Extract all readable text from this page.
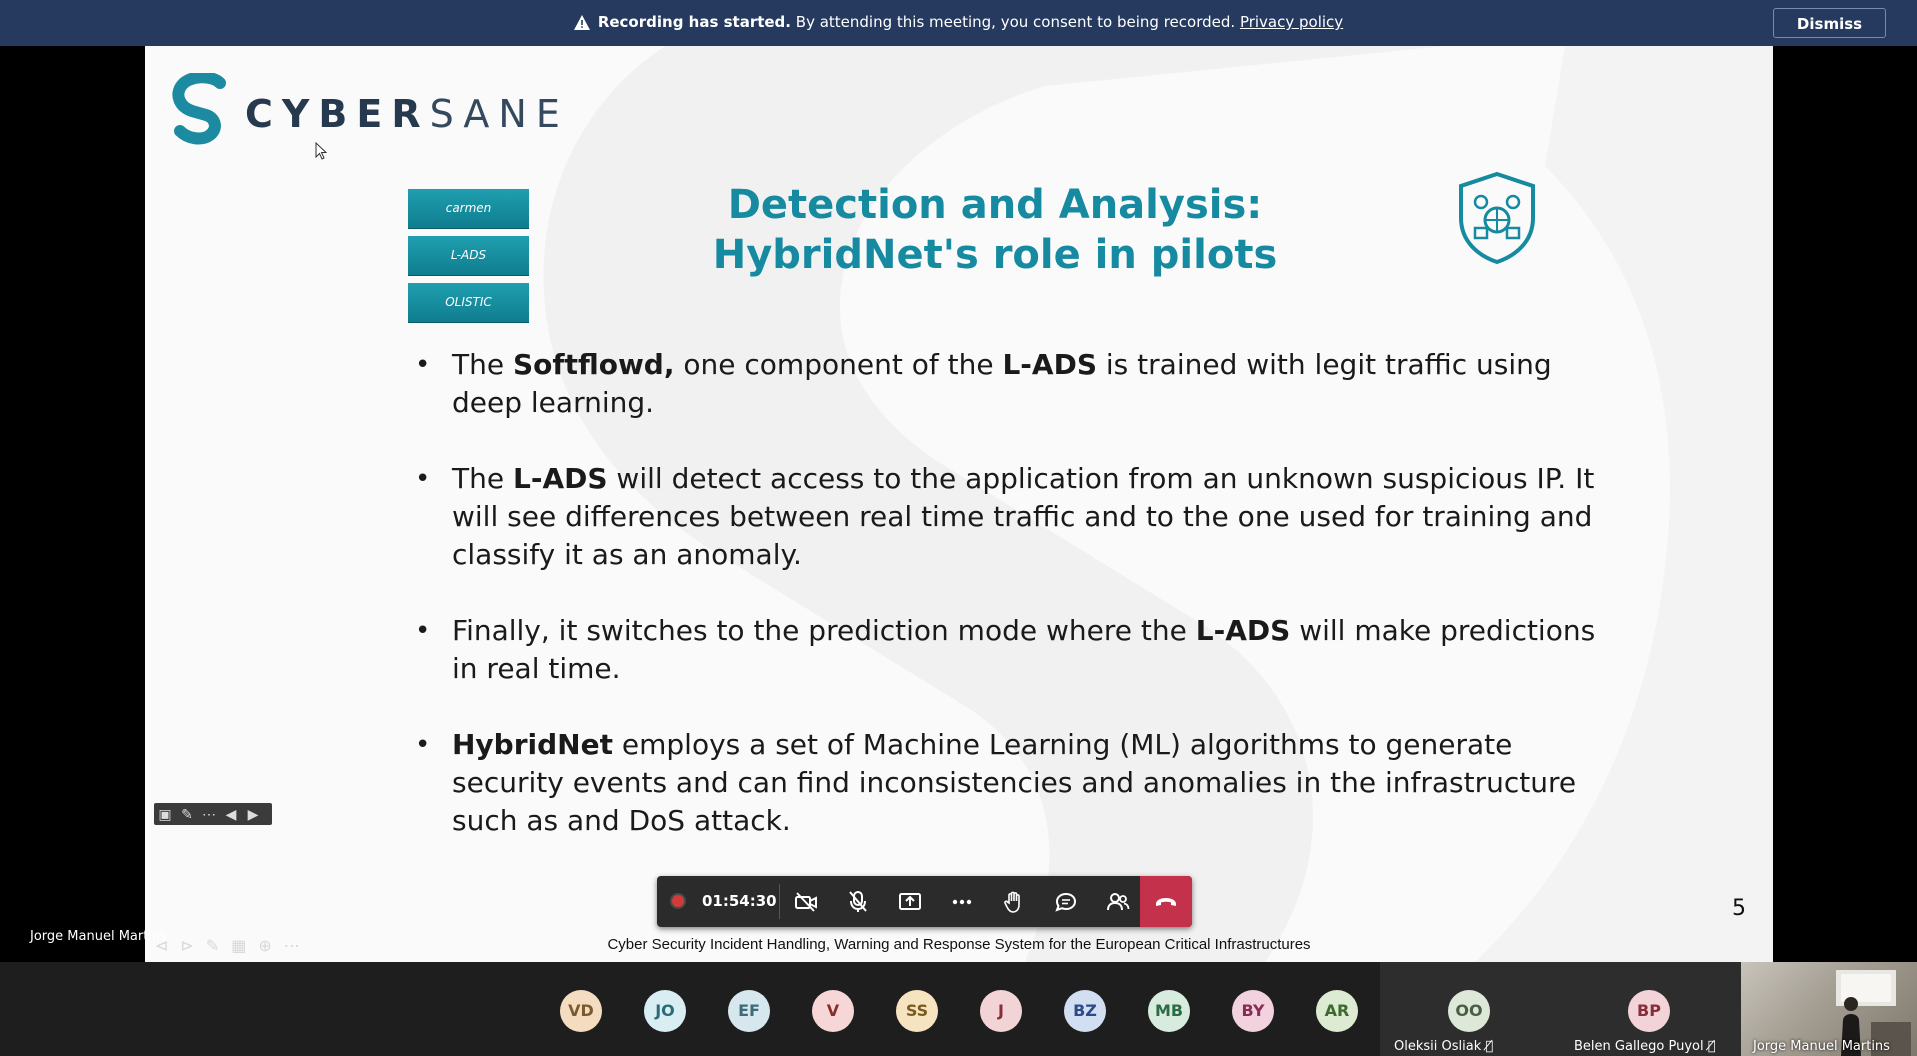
Recording has started. By attending this meeting, you consent to being recorded. Privacy policy	Dismiss
CYBERSANE
carmen
L-ADS
OLISTIC
Detection and Analysis:
HybridNet's role in pilots
• The Softflowd, one component of the L-ADS is trained with legit traffic using deep learning.
• The L-ADS will detect access to the application from an unknown suspicious IP. It will see differences between real time traffic and to the one used for training and classify it as an anomaly.
• Finally, it switches to the prediction mode where the L-ADS will make predictions in real time.
• HybridNet employs a set of Machine Learning (ML) algorithms to generate security events and can find inconsistencies and anomalies in the infrastructure such as and DoS attack.
5
Cyber Security Incident Handling, Warning and Response System for the European Critical Infrastructures
▣ ✎ ⋯ ◀ ▶
⊲⊳✎▦⊕⋯
Jorge Manuel Martins
01:54:30
VD	JO	EF	V	SS	J	BZ	MB	BY	AR	OO
Oleksii Osliak 🎙̸
BP
Belen Gallego Puyol 🎙̸	Jorge Manuel Martins
